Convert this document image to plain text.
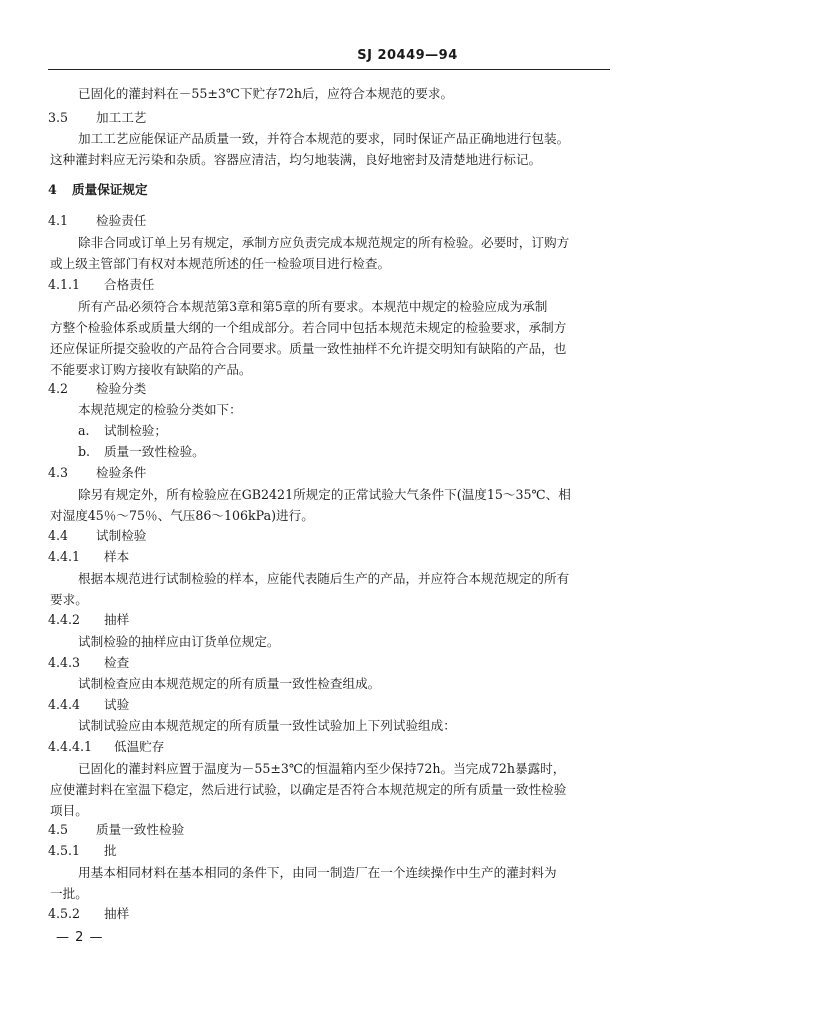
SJ 20449—94
已固化的灌封料在－55±3℃下贮存72h后，应符合本规范的要求。
3.5 加工工艺
加工工艺应能保证产品质量一致，并符合本规范的要求，同时保证产品正确地进行包装。
这种灌封料应无污染和杂质。容器应清洁，均匀地装满，良好地密封及清楚地进行标记。
4 质量保证规定
4.1 检验责任
除非合同或订单上另有规定，承制方应负责完成本规范规定的所有检验。必要时，订购方
或上级主管部门有权对本规范所述的任一检验项目进行检查。
4.1.1 合格责任
所有产品必须符合本规范第3章和第5章的所有要求。本规范中规定的检验应成为承制
方整个检验体系或质量大纲的一个组成部分。若合同中包括本规范未规定的检验要求，承制方
还应保证所提交验收的产品符合合同要求。质量一致性抽样不允许提交明知有缺陷的产品，也
不能要求订购方接收有缺陷的产品。
4.2 检验分类
本规范规定的检验分类如下：
a. 试制检验；
b. 质量一致性检验。
4.3 检验条件
除另有规定外，所有检验应在GB2421所规定的正常试验大气条件下(温度15～35℃、相
对湿度45％～75％、气压86～106kPa)进行。
4.4 试制检验
4.4.1 样本
根据本规范进行试制检验的样本，应能代表随后生产的产品，并应符合本规范规定的所有
要求。
4.4.2 抽样
试制检验的抽样应由订货单位规定。
4.4.3 检查
试制检查应由本规范规定的所有质量一致性检查组成。
4.4.4 试验
试制试验应由本规范规定的所有质量一致性试验加上下列试验组成：
4.4.4.1 低温贮存
已固化的灌封料应置于温度为－55±3℃的恒温箱内至少保持72h。当完成72h暴露时，
应使灌封料在室温下稳定，然后进行试验，以确定是否符合本规范规定的所有质量一致性检验
项目。
4.5 质量一致性检验
4.5.1 批
用基本相同材料在基本相同的条件下，由同一制造厂在一个连续操作中生产的灌封料为
一批。
4.5.2 抽样
— 2 —
